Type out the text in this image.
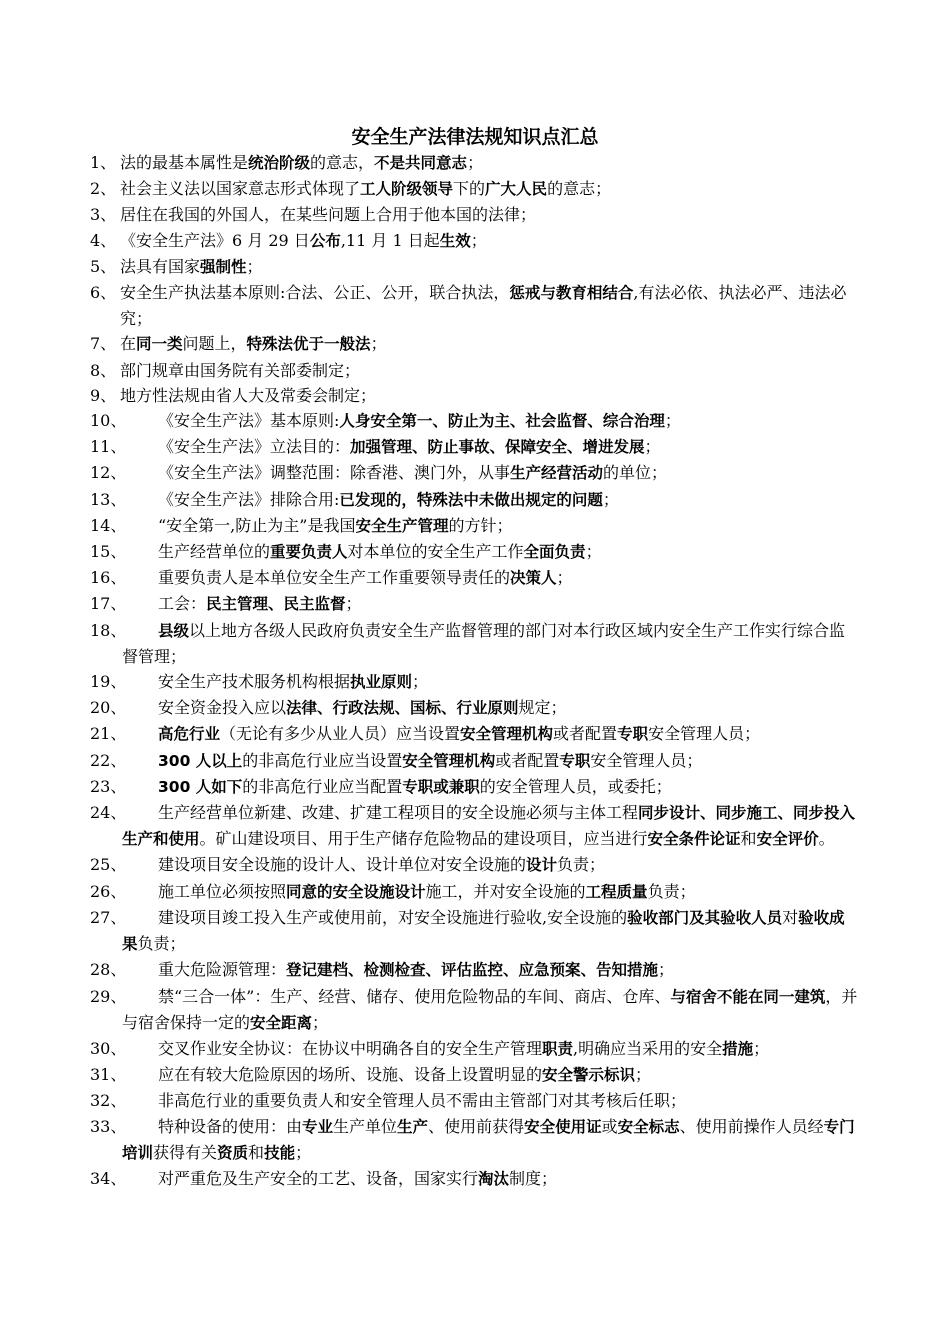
安全生产法律法规知识点汇总
1、 法的最基本属性是统治阶级的意志，不是共同意志；
2、 社会主义法以国家意志形式体现了工人阶级领导下的广大人民的意志；
3、 居住在我国的外国人，在某些问题上合用于他本国的法律；
4、 《安全生产法》6 月 29 日公布,11 月 1 日起生效；
5、 法具有国家强制性；
6、 安全生产执法基本原则:合法、公正、公开，联合执法，惩戒与教育相结合,有法必依、执法必严、违法必究；
7、 在同一类问题上，特殊法优于一般法；
8、 部门规章由国务院有关部委制定；
9、 地方性法规由省人大及常委会制定；
10、	《安全生产法》基本原则:人身安全第一、防止为主、社会监督、综合治理；
11、	《安全生产法》立法目的：加强管理、防止事故、保障安全、增进发展；
12、	《安全生产法》调整范围：除香港、澳门外，从事生产经营活动的单位；
13、	《安全生产法》排除合用:已发现的，特殊法中未做出规定的问题；
14、	“安全第一,防止为主”是我国安全生产管理的方针；
15、	生产经营单位的重要负责人对本单位的安全生产工作全面负责；
16、	重要负责人是本单位安全生产工作重要领导责任的决策人；
17、	工会：民主管理、民主监督；
18、	县级以上地方各级人民政府负责安全生产监督管理的部门对本行政区域内安全生产工作实行综合监督管理；
19、	安全生产技术服务机构根据执业原则；
20、	安全资金投入应以法律、行政法规、国标、行业原则规定；
21、	高危行业（无论有多少从业人员）应当设置安全管理机构或者配置专职安全管理人员；
22、	300 人以上的非高危行业应当设置安全管理机构或者配置专职安全管理人员；
23、	300 人如下的非高危行业应当配置专职或兼职的安全管理人员，或委托；
24、	生产经营单位新建、改建、扩建工程项目的安全设施必须与主体工程同步设计、同步施工、同步投入生产和使用。矿山建设项目、用于生产储存危险物品的建设项目，应当进行安全条件论证和安全评价。
25、	建设项目安全设施的设计人、设计单位对安全设施的设计负责；
26、	施工单位必须按照同意的安全设施设计施工，并对安全设施的工程质量负责；
27、	建设项目竣工投入生产或使用前，对安全设施进行验收,安全设施的验收部门及其验收人员对验收成果负责；
28、	重大危险源管理：登记建档、检测检查、评估监控、应急预案、告知措施；
29、	禁“三合一体”：生产、经营、储存、使用危险物品的车间、商店、仓库、与宿舍不能在同一建筑，并与宿舍保持一定的安全距离；
30、	交叉作业安全协议：在协议中明确各自的安全生产管理职责,明确应当采用的安全措施；
31、	应在有较大危险原因的场所、设施、设备上设置明显的安全警示标识；
32、	非高危行业的重要负责人和安全管理人员不需由主管部门对其考核后任职；
33、	特种设备的使用：由专业生产单位生产、使用前获得安全使用证或安全标志、使用前操作人员经专门培训获得有关资质和技能；
34、	对严重危及生产安全的工艺、设备，国家实行淘汰制度；
